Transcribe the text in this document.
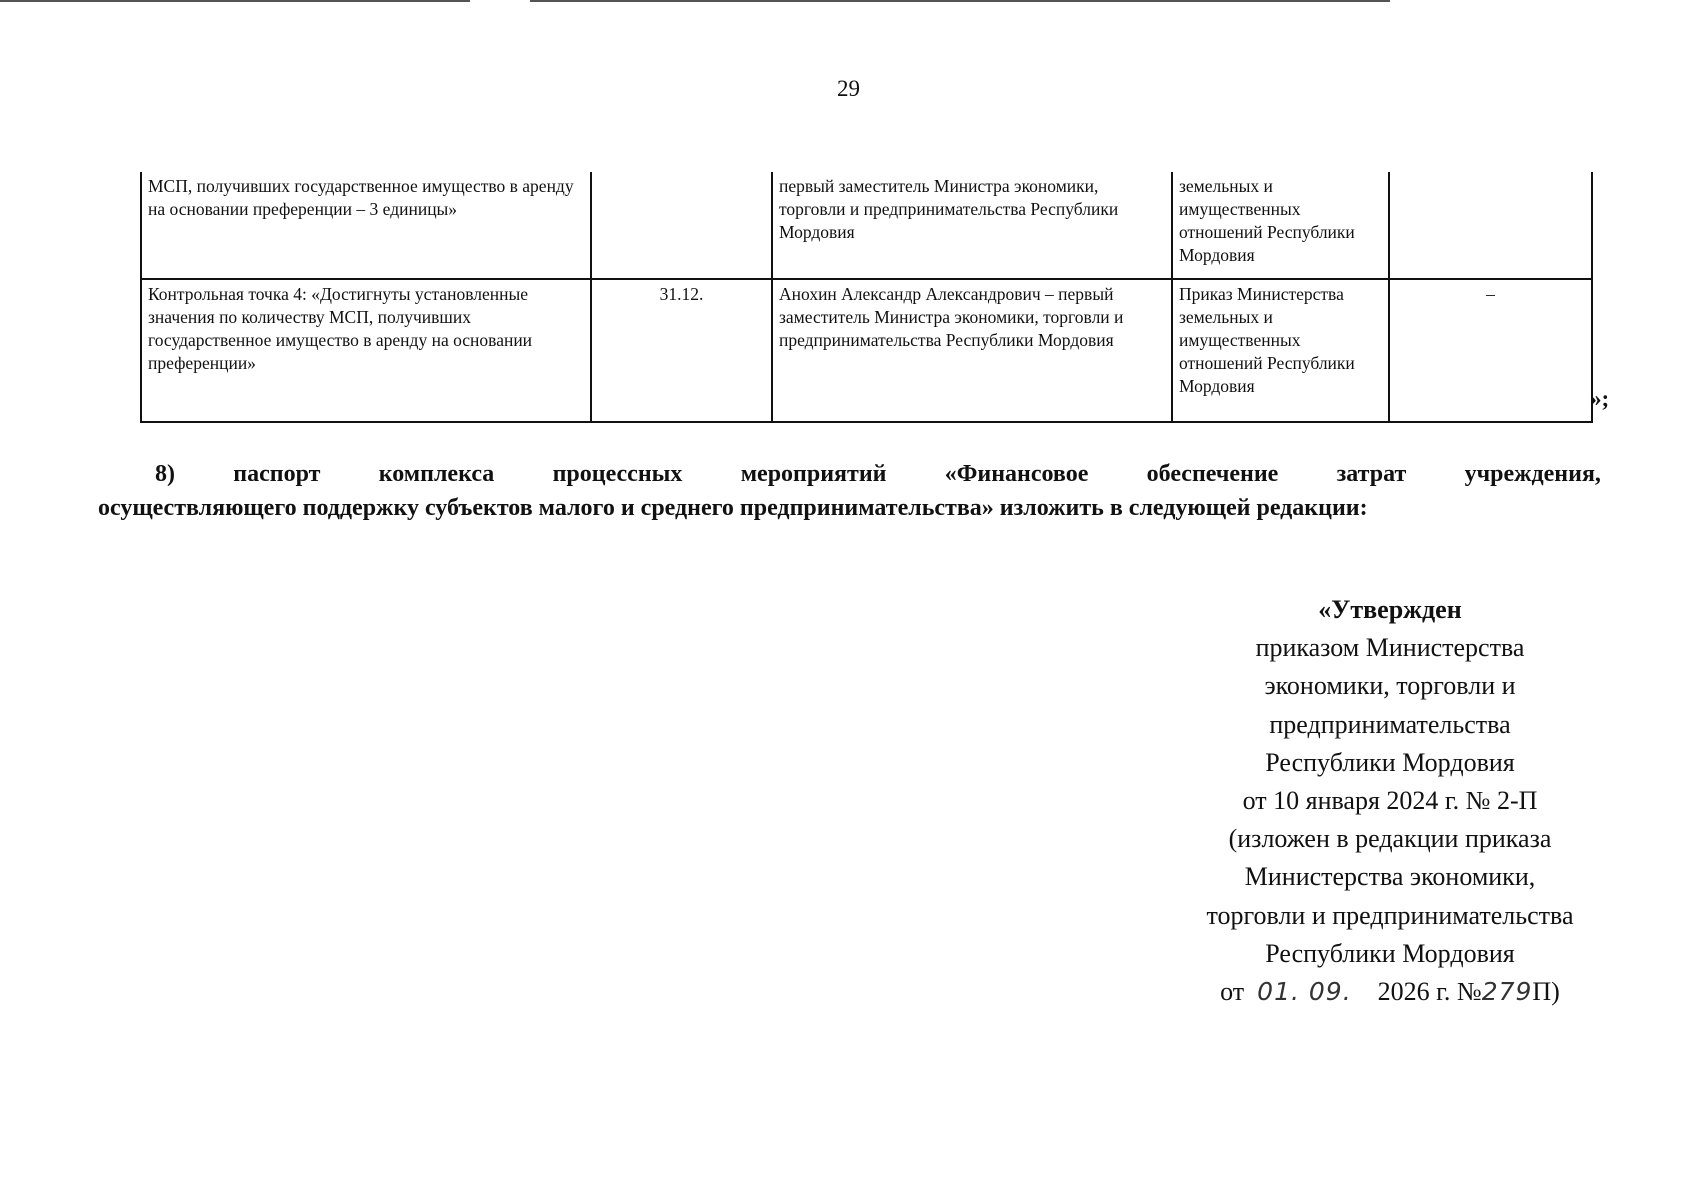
29
МСП, получивших государственное имущество в аренду на основании преференции – 3 единицы»		первый заместитель Министра экономики, торговли и предпринимательства Республики Мордовия	земельных и имущественных отношений Республики Мордовия	
Контрольная точка 4: «Достигнуты установленные значения по количеству МСП, получивших государственное имущество в аренду на основании преференции»	31.12.	Анохин Александр Александрович – первый заместитель Министра экономики, торговли и предпринимательства Республики Мордовия	Приказ Министерства земельных и имущественных отношений Республики Мордовия	–
»;
8) паспорт комплекса процессных мероприятий «Финансовое обеспечение затрат учреждения,
осуществляющего поддержку субъектов малого и среднего предпринимательства» изложить в следующей редакции:
«Утвержден
приказом Министерства
экономики, торговли и
предпринимательства
Республики Мордовия
от 10 января 2024 г. № 2-П
(изложен в редакции приказа
Министерства экономики,
торговли и предпринимательства
Республики Мордовия
от 01. 09. 2026 г. №279П)
